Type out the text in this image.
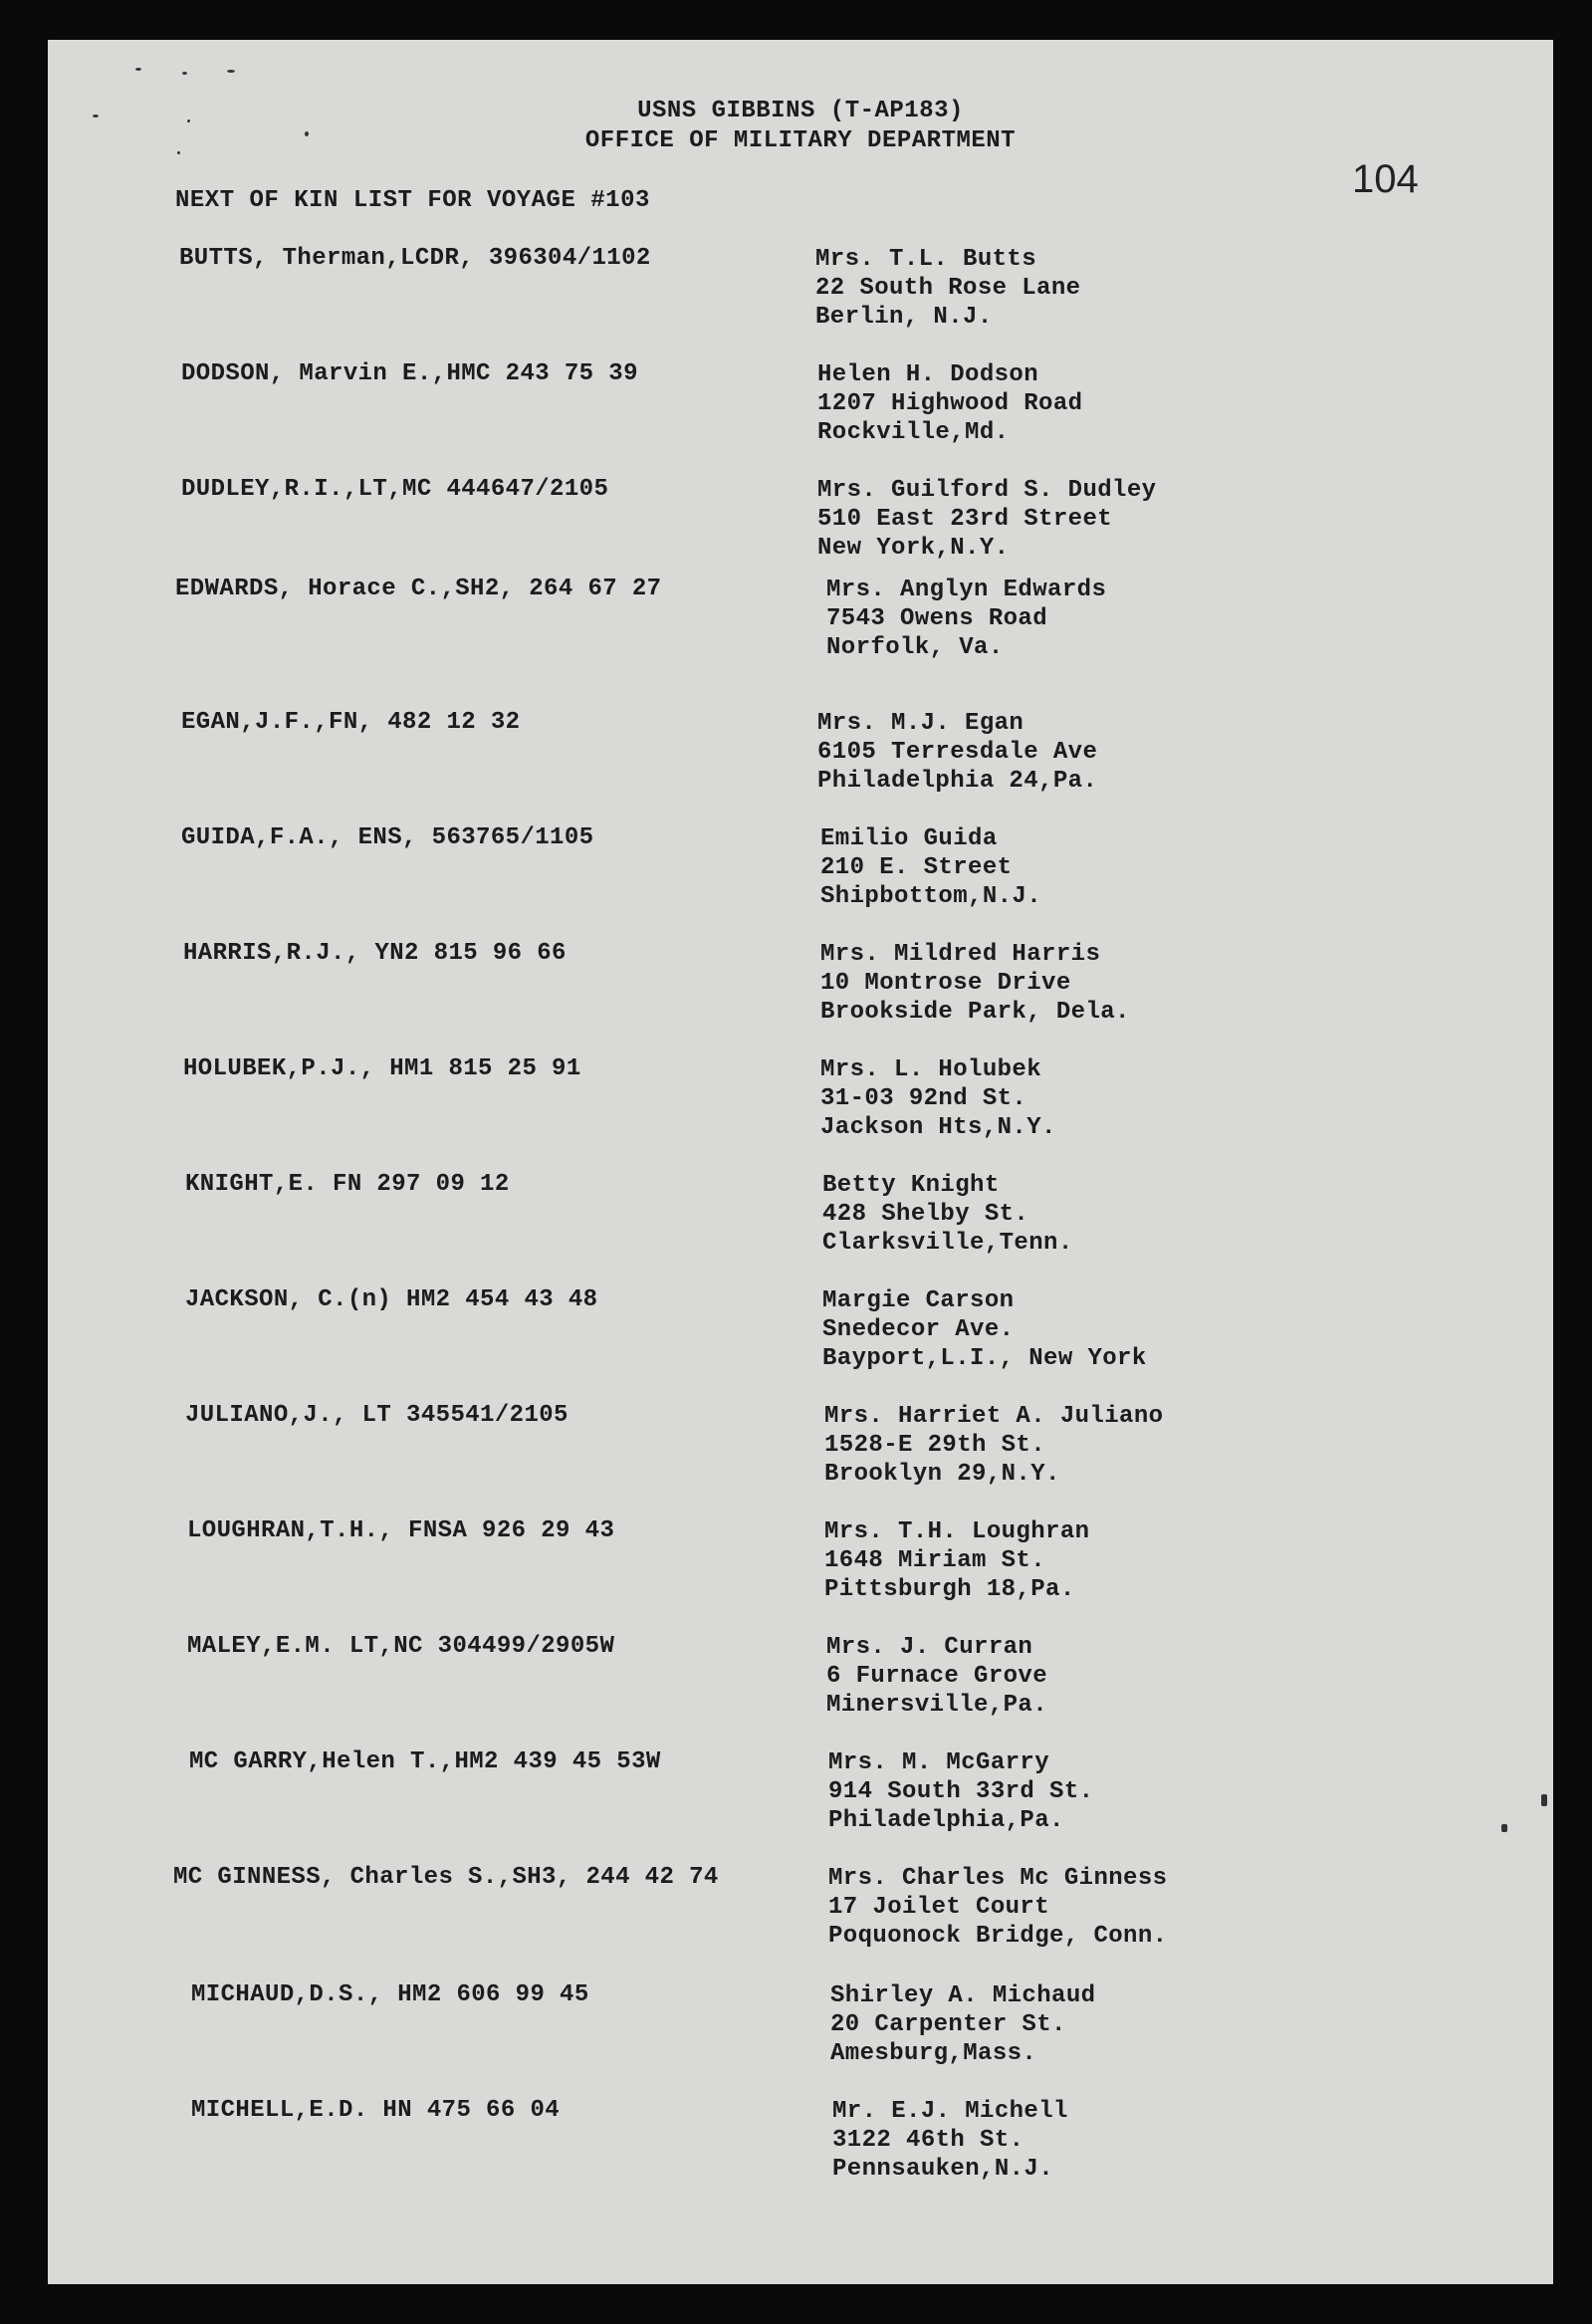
USNS GIBBINS (T-AP183)
OFFICE OF MILITARY DEPARTMENT
104
NEXT OF KIN LIST FOR VOYAGE #103
BUTTS, Therman,LCDR, 396304/1102	Mrs. T.L. Butts
22 South Rose Lane
Berlin, N.J.
DODSON, Marvin E.,HMC 243 75 39	Helen H. Dodson
1207 Highwood Road
Rockville,Md.
DUDLEY,R.I.,LT,MC 444647/2105	Mrs. Guilford S. Dudley
510 East 23rd Street
New York,N.Y.
EDWARDS, Horace C.,SH2, 264 67 27	Mrs. Anglyn Edwards
7543 Owens Road
Norfolk, Va.
EGAN,J.F.,FN, 482 12 32	Mrs. M.J. Egan
6105 Terresdale Ave
Philadelphia 24,Pa.
GUIDA,F.A., ENS, 563765/1105	Emilio Guida
210 E. Street
Shipbottom,N.J.
HARRIS,R.J., YN2 815 96 66	Mrs. Mildred Harris
10 Montrose Drive
Brookside Park, Dela.
HOLUBEK,P.J., HM1 815 25 91	Mrs. L. Holubek
31-03 92nd St.
Jackson Hts,N.Y.
KNIGHT,E. FN 297 09 12	Betty Knight
428 Shelby St.
Clarksville,Tenn.
JACKSON, C.(n) HM2 454 43 48	Margie Carson
Snedecor Ave.
Bayport,L.I., New York
JULIANO,J., LT 345541/2105	Mrs. Harriet A. Juliano
1528-E 29th St.
Brooklyn 29,N.Y.
LOUGHRAN,T.H., FNSA 926 29 43	Mrs. T.H. Loughran
1648 Miriam St.
Pittsburgh 18,Pa.
MALEY,E.M. LT,NC 304499/2905W	Mrs. J. Curran
6 Furnace Grove
Minersville,Pa.
MC GARRY,Helen T.,HM2 439 45 53W	Mrs. M. McGarry
914 South 33rd St.
Philadelphia,Pa.
MC GINNESS, Charles S.,SH3, 244 42 74	Mrs. Charles Mc Ginness
17 Joilet Court
Poquonock Bridge, Conn.
MICHAUD,D.S., HM2 606 99 45	Shirley A. Michaud
20 Carpenter St.
Amesburg,Mass.
MICHELL,E.D. HN 475 66 04	Mr. E.J. Michell
3122 46th St.
Pennsauken,N.J.
